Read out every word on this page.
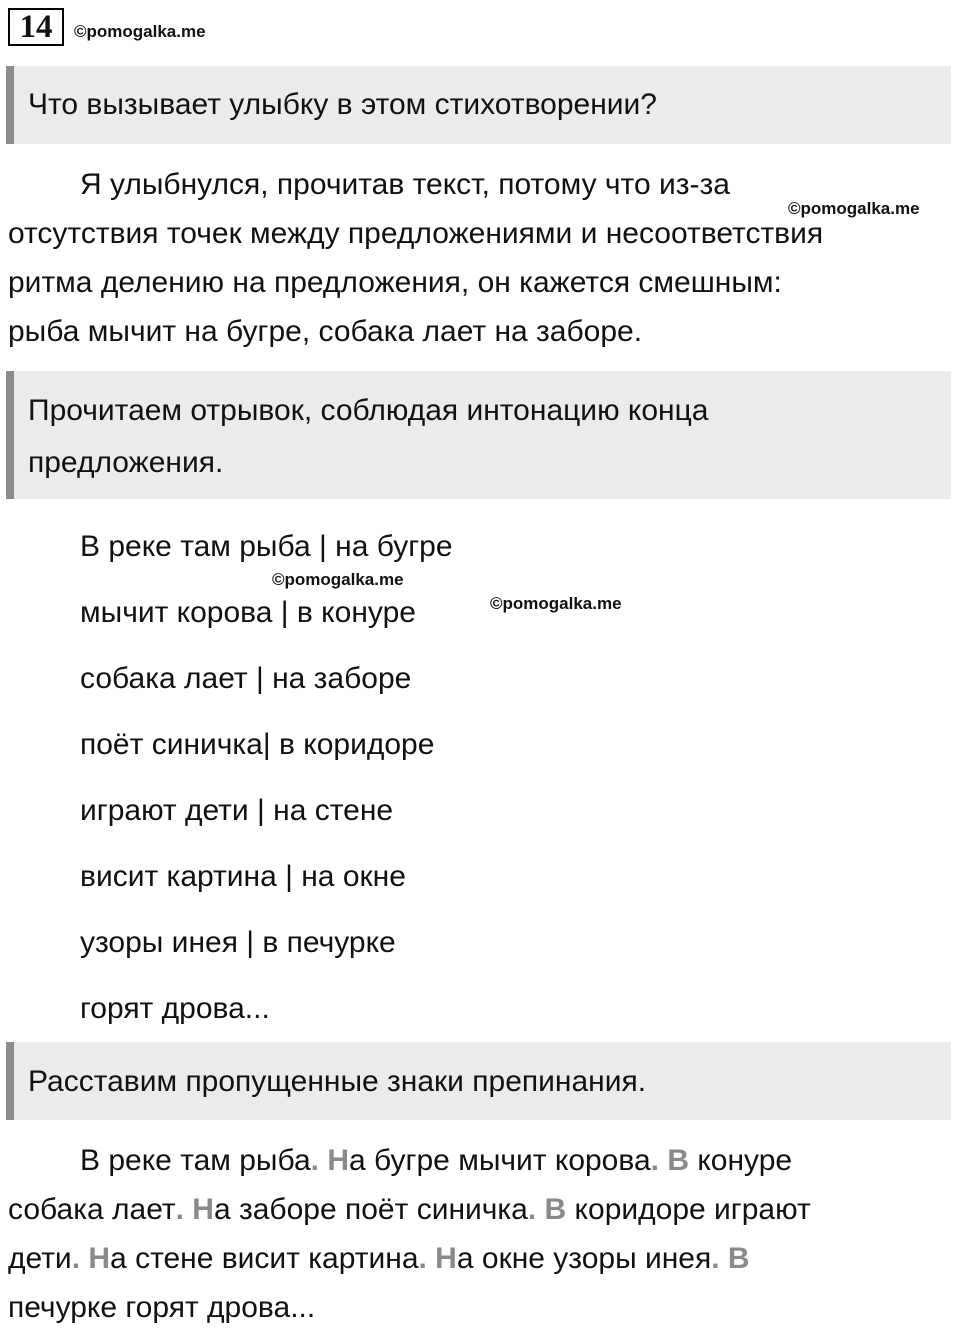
14	©pomogalka.me
Что вызывает улыбку в этом стихотворении?
Я улыбнулся, прочитав текст, потому что из-за
отсутствия точек между предложениями и несоответствия
ритма делению на предложения, он кажется смешным:
рыба мычит на бугре, собака лает на заборе.
©pomogalka.me
Прочитаем отрывок, соблюдая интонацию конца
предложения.
В реке там рыба | на бугре
мычит корова | в конуре
собака лает | на заборе
поёт синичка| в коридоре
играют дети | на стене
висит картина | на окне
узоры инея | в печурке
горят дрова...
©pomogalka.me
©pomogalka.me
Расставим пропущенные знаки препинания.
В реке там рыба. На бугре мычит корова. В конуре
собака лает. На заборе поёт синичка. В коридоре играют
дети. На стене висит картина. На окне узоры инея. В
печурке горят дрова...
